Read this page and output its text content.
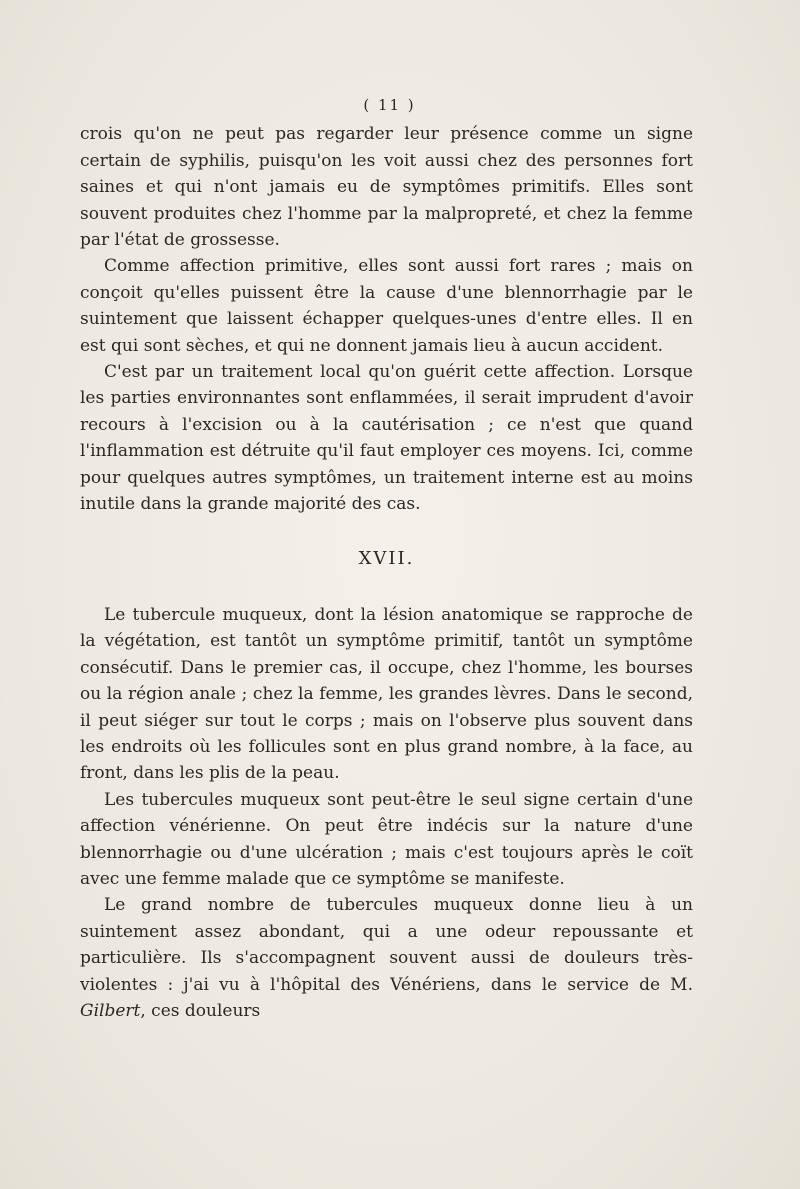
( 11 )

crois qu'on ne peut pas regarder leur présence comme un signe certain de syphilis, puisqu'on les voit aussi chez des personnes fort saines et qui n'ont jamais eu de symptômes primitifs. Elles sont souvent produites chez l'homme par la malpropreté, et chez la femme par l'état de grossesse.

Comme affection primitive, elles sont aussi fort rares ; mais on conçoit qu'elles puissent être la cause d'une blennorrhagie par le suintement que laissent échapper quelques-unes d'entre elles. Il en est qui sont sèches, et qui ne donnent jamais lieu à aucun accident.

C'est par un traitement local qu'on guérit cette affection. Lorsque les parties environnantes sont enflammées, il serait imprudent d'avoir recours à l'excision ou à la cautérisation ; ce n'est que quand l'inflammation est détruite qu'il faut employer ces moyens. Ici, comme pour quelques autres symptômes, un traitement interne est au moins inutile dans la grande majorité des cas.

XVII.

Le tubercule muqueux, dont la lésion anatomique se rapproche de la végétation, est tantôt un symptôme primitif, tantôt un symptôme consécutif. Dans le premier cas, il occupe, chez l'homme, les bourses ou la région anale ; chez la femme, les grandes lèvres. Dans le second, il peut siéger sur tout le corps ; mais on l'observe plus souvent dans les endroits où les follicules sont en plus grand nombre, à la face, au front, dans les plis de la peau.

Les tubercules muqueux sont peut-être le seul signe certain d'une affection vénérienne. On peut être indécis sur la nature d'une blennorrhagie ou d'une ulcération ; mais c'est toujours après le coït avec une femme malade que ce symptôme se manifeste.

Le grand nombre de tubercules muqueux donne lieu à un suintement assez abondant, qui a une odeur repoussante et particulière. Ils s'accompagnent souvent aussi de douleurs très-violentes : j'ai vu à l'hôpital des Vénériens, dans le service de M. Gilbert, ces douleurs
